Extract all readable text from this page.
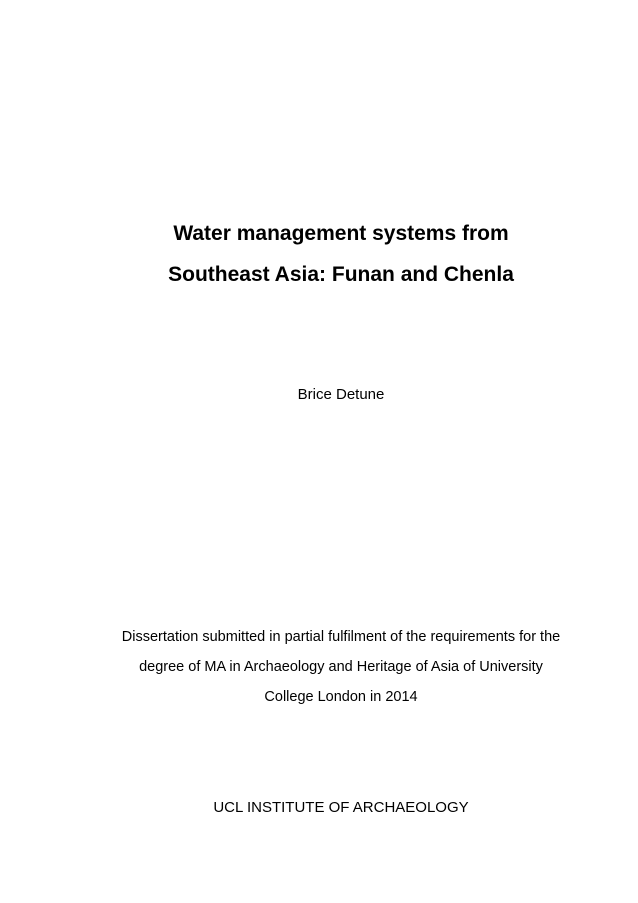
Water management systems from
Southeast Asia: Funan and Chenla
Brice Detune
Dissertation submitted in partial fulfilment of the requirements for the
degree of MA in Archaeology and Heritage of Asia of University
College London in 2014
UCL INSTITUTE OF ARCHAEOLOGY
